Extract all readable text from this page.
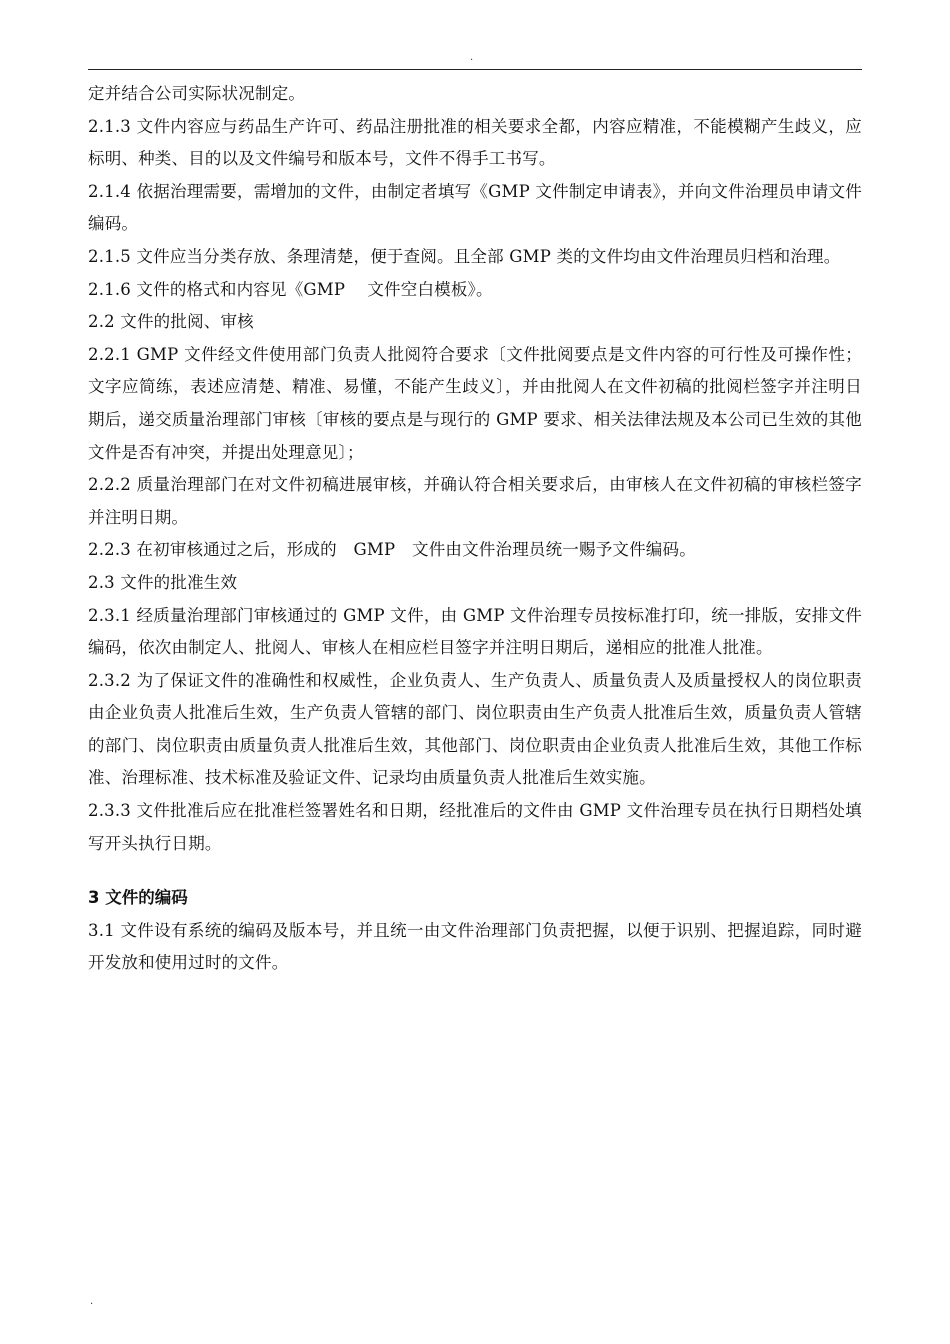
.

定并结合公司实际状况制定。

2.1.3 文件内容应与药品生产许可、药品注册批准的相关要求全都，内容应精准，不能模糊产生歧义，应标明、种类、目的以及文件编号和版本号，文件不得手工书写。

2.1.4 依据治理需要，需增加的文件，由制定者填写《GMP 文件制定申请表》，并向文件治理员申请文件编码。

2.1.5 文件应当分类存放、条理清楚，便于查阅。且全部 GMP 类的文件均由文件治理员归档和治理。

2.1.6 文件的格式和内容见《GMP　 文件空白模板》。

2.2 文件的批阅、审核

2.2.1 GMP 文件经文件使用部门负责人批阅符合要求〔文件批阅要点是文件内容的可行性及可操作性；文字应简练，表述应清楚、精准、易懂，不能产生歧义〕，并由批阅人在文件初稿的批阅栏签字并注明日期后，递交质量治理部门审核〔审核的要点是与现行的 GMP 要求、相关法律法规及本公司已生效的其他文件是否有冲突，并提出处理意见〕；

2.2.2 质量治理部门在对文件初稿进展审核，并确认符合相关要求后，由审核人在文件初稿的审核栏签字并注明日期。

2.2.3 在初审核通过之后，形成的　GMP　文件由文件治理员统一赐予文件编码。

2.3 文件的批准生效

2.3.1 经质量治理部门审核通过的 GMP 文件，由 GMP 文件治理专员按标准打印，统一排版，安排文件编码，依次由制定人、批阅人、审核人在相应栏目签字并注明日期后，递相应的批准人批准。

2.3.2 为了保证文件的准确性和权威性，企业负责人、生产负责人、质量负责人及质量授权人的岗位职责由企业负责人批准后生效，生产负责人管辖的部门、岗位职责由生产负责人批准后生效，质量负责人管辖的部门、岗位职责由质量负责人批准后生效，其他部门、岗位职责由企业负责人批准后生效，其他工作标准、治理标准、技术标准及验证文件、记录均由质量负责人批准后生效实施。

2.3.3 文件批准后应在批准栏签署姓名和日期，经批准后的文件由 GMP 文件治理专员在执行日期档处填写开头执行日期。

3 文件的编码

3.1 文件设有系统的编码及版本号，并且统一由文件治理部门负责把握，以便于识别、把握追踪，同时避开发放和使用过时的文件。

.
